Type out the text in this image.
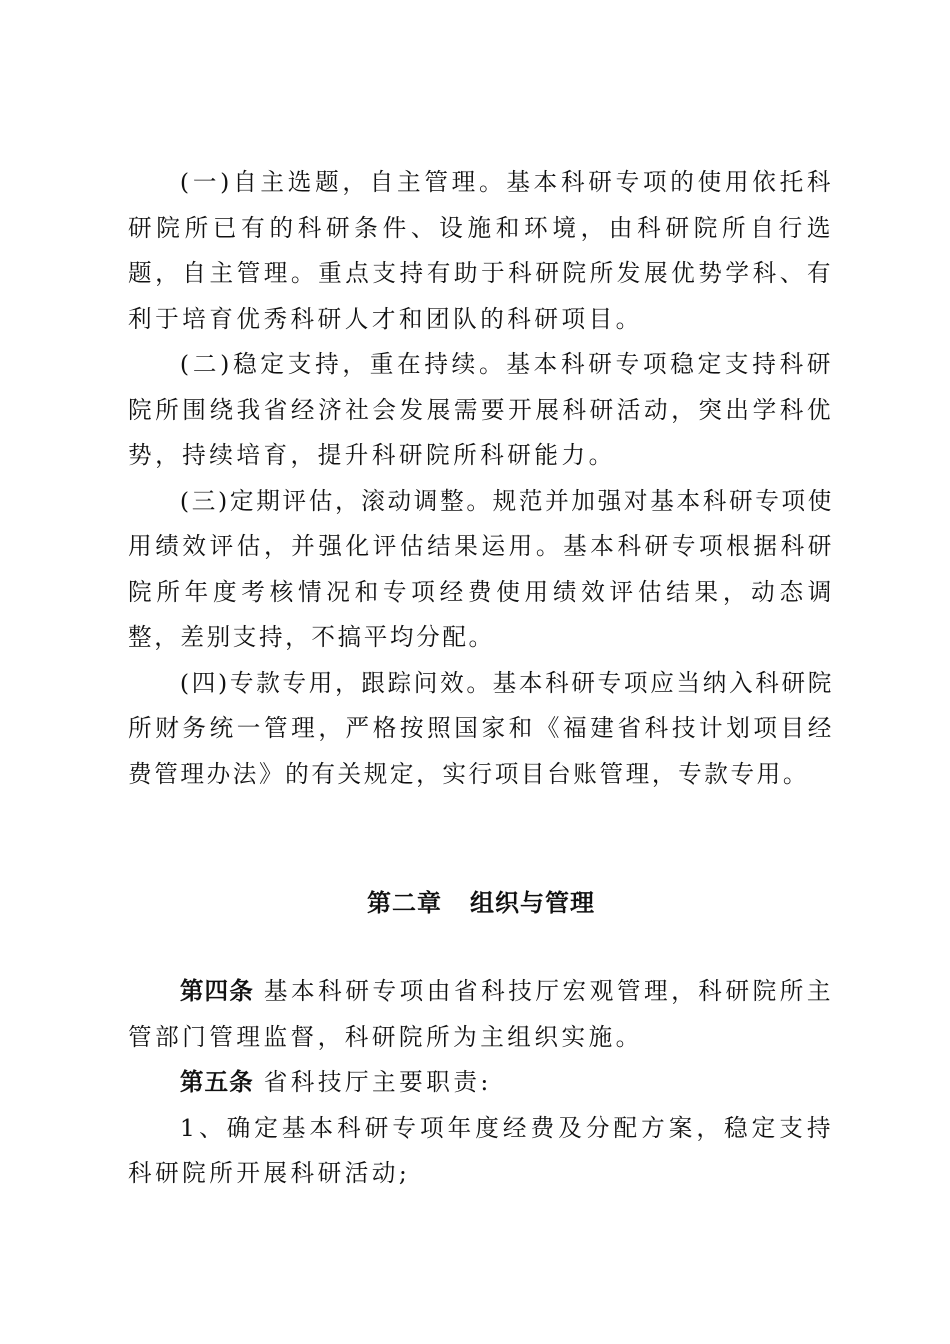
(一)自主选题，自主管理。基本科研专项的使用依托科研院所已有的科研条件、设施和环境，由科研院所自行选题，自主管理。重点支持有助于科研院所发展优势学科、有利于培育优秀科研人才和团队的科研项目。

(二)稳定支持，重在持续。基本科研专项稳定支持科研院所围绕我省经济社会发展需要开展科研活动，突出学科优势，持续培育，提升科研院所科研能力。

(三)定期评估，滚动调整。规范并加强对基本科研专项使用绩效评估，并强化评估结果运用。基本科研专项根据科研院所年度考核情况和专项经费使用绩效评估结果，动态调整，差别支持，不搞平均分配。

(四)专款专用，跟踪问效。基本科研专项应当纳入科研院所财务统一管理，严格按照国家和《福建省科技计划项目经费管理办法》的有关规定，实行项目台账管理，专款专用。

第二章 组织与管理

第四条 基本科研专项由省科技厅宏观管理，科研院所主管部门管理监督，科研院所为主组织实施。

第五条 省科技厅主要职责:

1、确定基本科研专项年度经费及分配方案，稳定支持科研院所开展科研活动;
